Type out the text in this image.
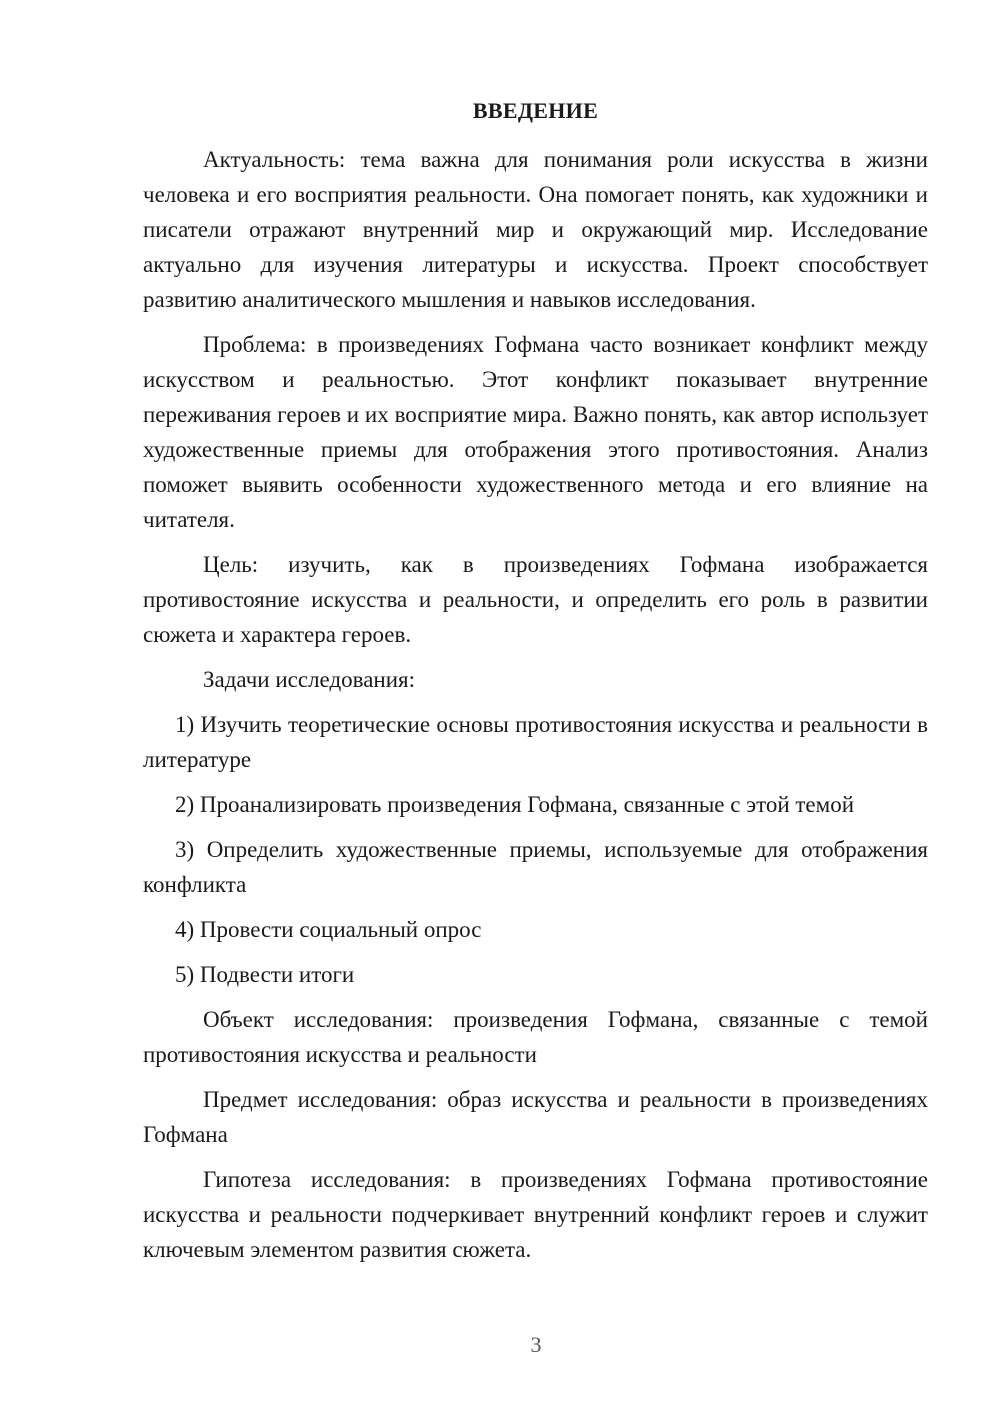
ВВЕДЕНИЕ

Актуальность: тема важна для понимания роли искусства в жизни человека и его восприятия реальности. Она помогает понять, как художники и писатели отражают внутренний мир и окружающий мир. Исследование актуально для изучения литературы и искусства. Проект способствует развитию аналитического мышления и навыков исследования.

Проблема: в произведениях Гофмана часто возникает конфликт между искусством и реальностью. Этот конфликт показывает внутренние переживания героев и их восприятие мира. Важно понять, как автор использует художественные приемы для отображения этого противостояния. Анализ поможет выявить особенности художественного метода и его влияние на читателя.

Цель: изучить, как в произведениях Гофмана изображается противостояние искусства и реальности, и определить его роль в развитии сюжета и характера героев.

Задачи исследования:

1) Изучить теоретические основы противостояния искусства и реальности в литературе

2) Проанализировать произведения Гофмана, связанные с этой темой

3) Определить художественные приемы, используемые для отображения конфликта

4) Провести социальный опрос

5) Подвести итоги

Объект исследования: произведения Гофмана, связанные с темой противостояния искусства и реальности

Предмет исследования: образ искусства и реальности в произведениях Гофмана

Гипотеза исследования: в произведениях Гофмана противостояние искусства и реальности подчеркивает внутренний конфликт героев и служит ключевым элементом развития сюжета.

3
